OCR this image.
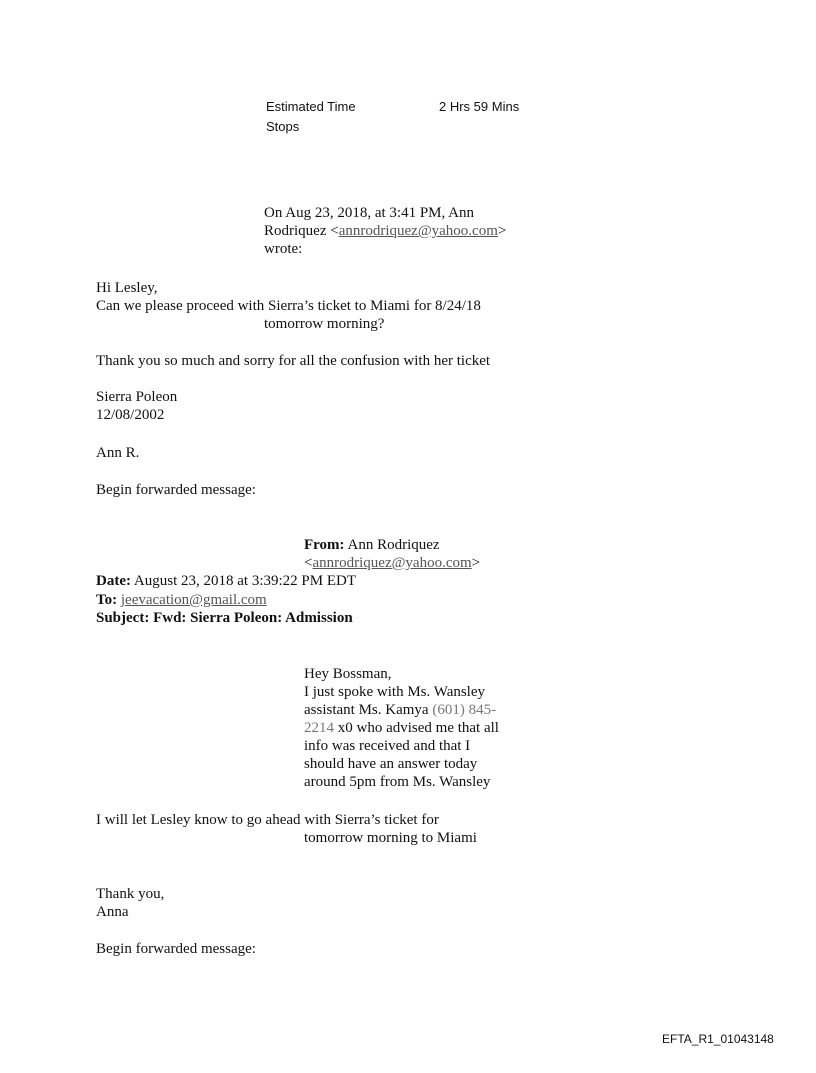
Estimated Time	2 Hrs 59 Mins
Stops
On Aug 23, 2018, at 3:41 PM, Ann
Rodriquez <annrodriquez@yahoo.com>
wrote:
Hi Lesley,
Can we please proceed with Sierra’s ticket to Miami for 8/24/18
tomorrow morning?
Thank you so much and sorry for all the confusion with her ticket
Sierra Poleon
12/08/2002
Ann R.
Begin forwarded message:
From: Ann Rodriquez
<annrodriquez@yahoo.com>
Date: August 23, 2018 at 3:39:22 PM EDT
To: jeevacation@gmail.com
Subject: Fwd: Sierra Poleon: Admission
Hey Bossman,
I just spoke with Ms. Wansley
assistant Ms. Kamya (601) 845-
2214 x0 who advised me that all
info was received and that I
should have an answer today
around 5pm from Ms. Wansley
I will let Lesley know to go ahead with Sierra’s ticket for
tomorrow morning to Miami
Thank you,
Anna
Begin forwarded message:
EFTA_R1_01043148
